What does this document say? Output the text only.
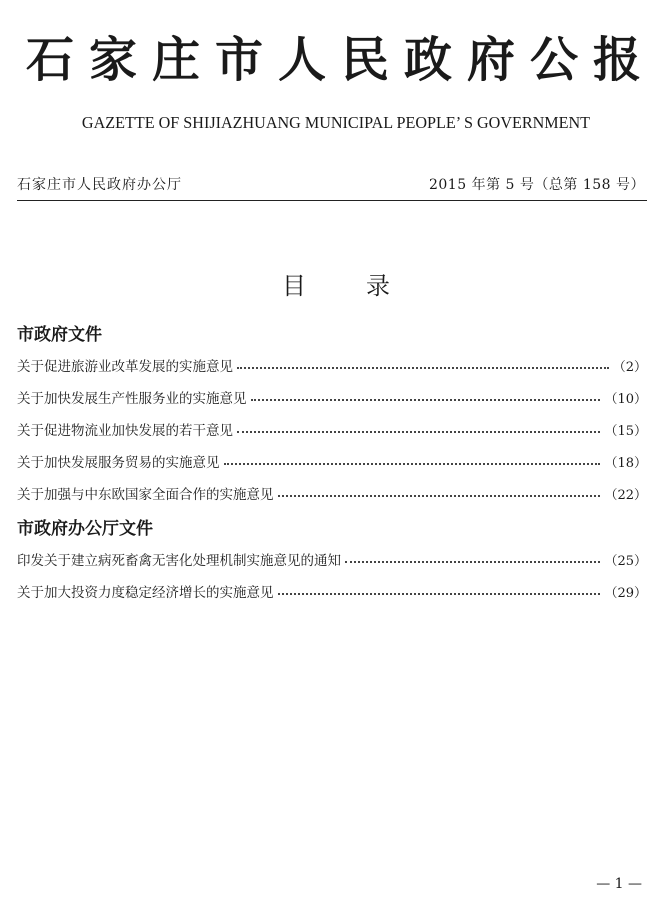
石家庄市人民政府公报
GAZETTE OF SHIJIAZHUANG MUNICIPAL PEOPLE’ S GOVERNMENT
石家庄市人民政府办公厅	2015 年第 5 号（总第 158 号）
目	录
市政府文件
关于促进旅游业改革发展的实施意见	（2）
关于加快发展生产性服务业的实施意见	（10）
关于促进物流业加快发展的若干意见	（15）
关于加快发展服务贸易的实施意见	（18）
关于加强与中东欧国家全面合作的实施意见	（22）
市政府办公厅文件
印发关于建立病死畜禽无害化处理机制实施意见的通知	（25）
关于加大投资力度稳定经济增长的实施意见	（29）
— 1 —
